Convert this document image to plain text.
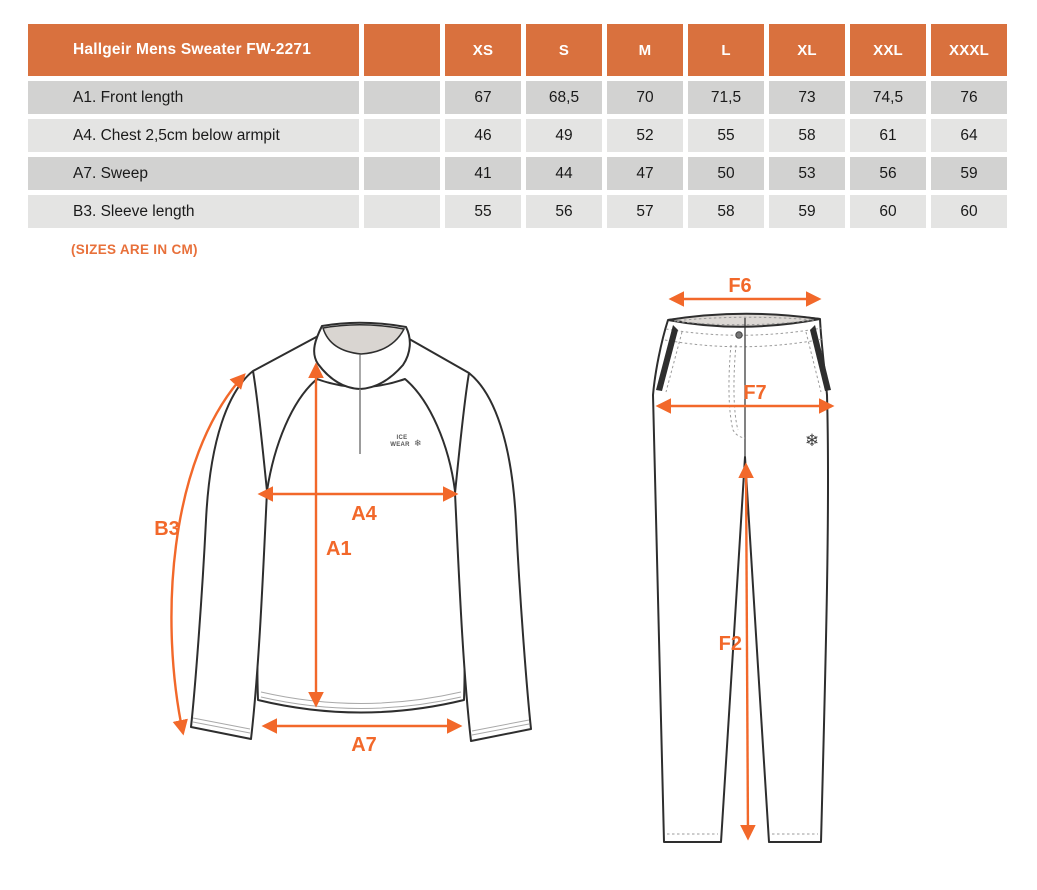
Hallgeir Mens Sweater FW-2271	XS	S	M	L	XL	XXL	XXXL
A1. Front length	67	68,5	70	71,5	73	74,5	76
A4. Chest 2,5cm below armpit	46	49	52	55	58	61	64
A7. Sweep	41	44	47	50	53	56	59
B3. Sleeve length	55	56	57	58	59	60	60
(SIZES ARE IN CM)
ICE
WEAR ❄
B3
A4
A1
A7
❄
F6
F7
F2
